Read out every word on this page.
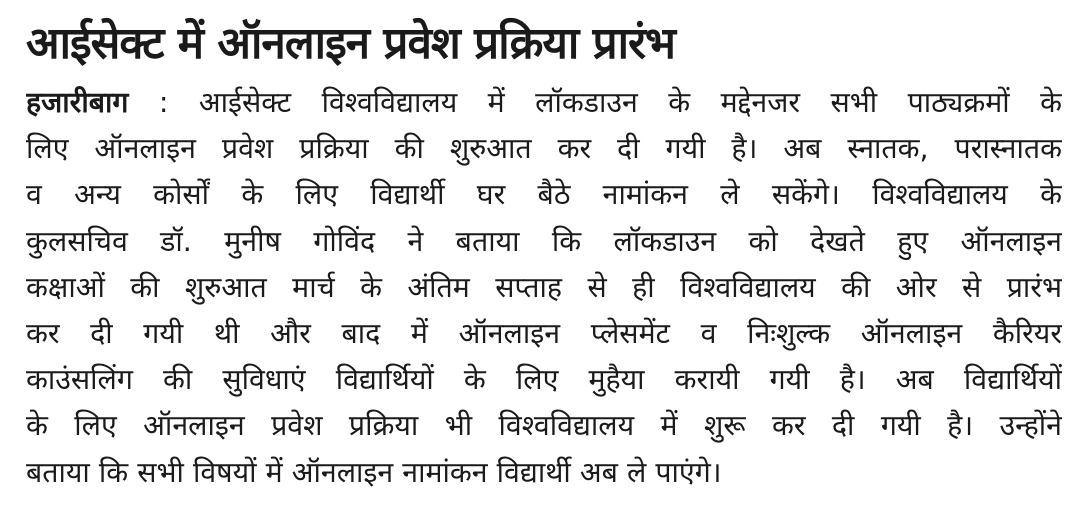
आईसेक्ट में ऑनलाइन प्रवेश प्रक्रिया प्रारंभ
हजारीबाग : आईसेक्ट विश्वविद्यालय में लॉकडाउन के मद्देनजर सभी पाठ्यक्रमों के
लिए ऑनलाइन प्रवेश प्रक्रिया की शुरुआत कर दी गयी है। अब स्नातक, परास्नातक
व अन्य कोर्सों के लिए विद्यार्थी घर बैठे नामांकन ले सकेंगे। विश्वविद्यालय के
कुलसचिव डॉ. मुनीष गोविंद ने बताया कि लॉकडाउन को देखते हुए ऑनलाइन
कक्षाओं की शुरुआत मार्च के अंतिम सप्ताह से ही विश्वविद्यालय की ओर से प्रारंभ
कर दी गयी थी और बाद में ऑनलाइन प्लेसमेंट व निःशुल्क ऑनलाइन कैरियर
काउंसलिंग की सुविधाएं विद्यार्थियों के लिए मुहैया करायी गयी है। अब विद्यार्थियों
के लिए ऑनलाइन प्रवेश प्रक्रिया भी विश्वविद्यालय में शुरू कर दी गयी है। उन्होंने
बताया कि सभी विषयों में ऑनलाइन नामांकन विद्यार्थी अब ले पाएंगे।
